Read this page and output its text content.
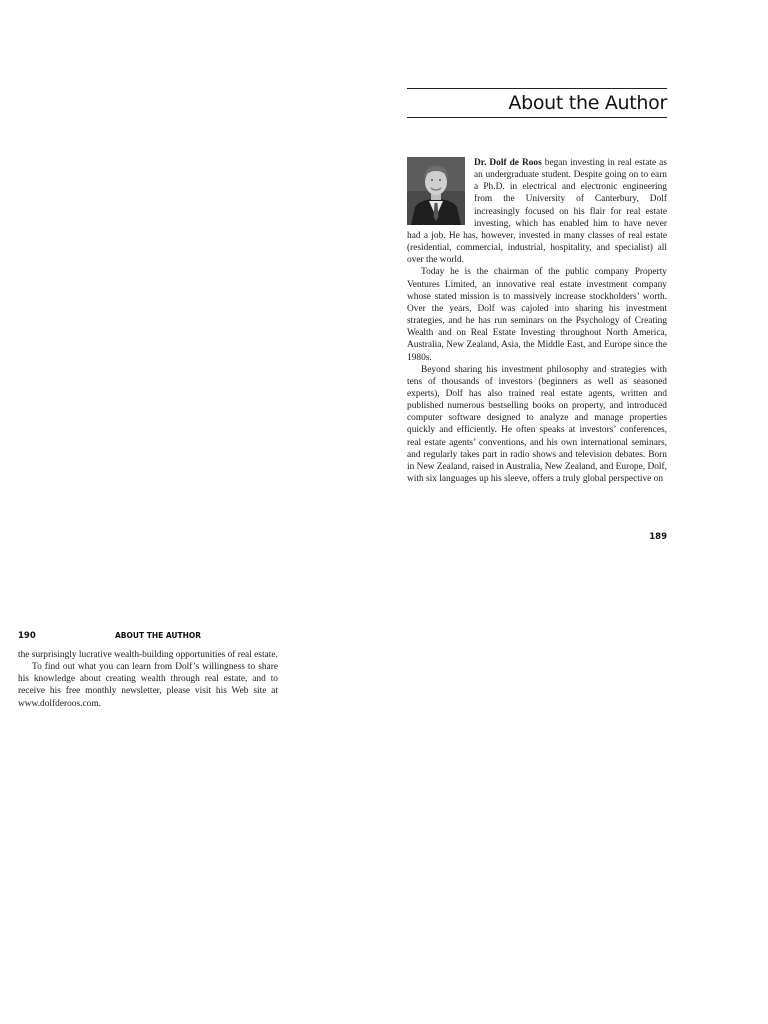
About the Author

Dr. Dolf de Roos began investing in real estate as an undergraduate student. Despite going on to earn a Ph.D. in electrical and electronic engineering from the University of Canterbury, Dolf increasingly focused on his flair for real estate investing, which has enabled him to have never had a job. He has, however, invested in many classes of real estate (residential, commercial, industrial, hospitality, and specialist) all over the world.

Today he is the chairman of the public company Property Ventures Limited, an innovative real estate investment company whose stated mission is to massively increase stockholders’ worth. Over the years, Dolf was cajoled into sharing his investment strategies, and he has run seminars on the Psychology of Creating Wealth and on Real Estate Investing throughout North America, Australia, New Zealand, Asia, the Middle East, and Europe since the 1980s.

Beyond sharing his investment philosophy and strategies with tens of thousands of investors (beginners as well as seasoned experts), Dolf has also trained real estate agents, written and published numerous bestselling books on property, and introduced computer software designed to analyze and manage properties quickly and efficiently. He often speaks at investors’ conferences, real estate agents’ conventions, and his own international seminars, and regularly takes part in radio shows and television debates. Born in New Zealand, raised in Australia, New Zealand, and Europe, Dolf, with six languages up his sleeve, offers a truly global perspective on

189
190	ABOUT THE AUTHOR

the surprisingly lucrative wealth-building opportunities of real estate.

To find out what you can learn from Dolf’s willingness to share his knowledge about creating wealth through real estate, and to receive his free monthly newsletter, please visit his Web site at www.dolfderoos.com.
